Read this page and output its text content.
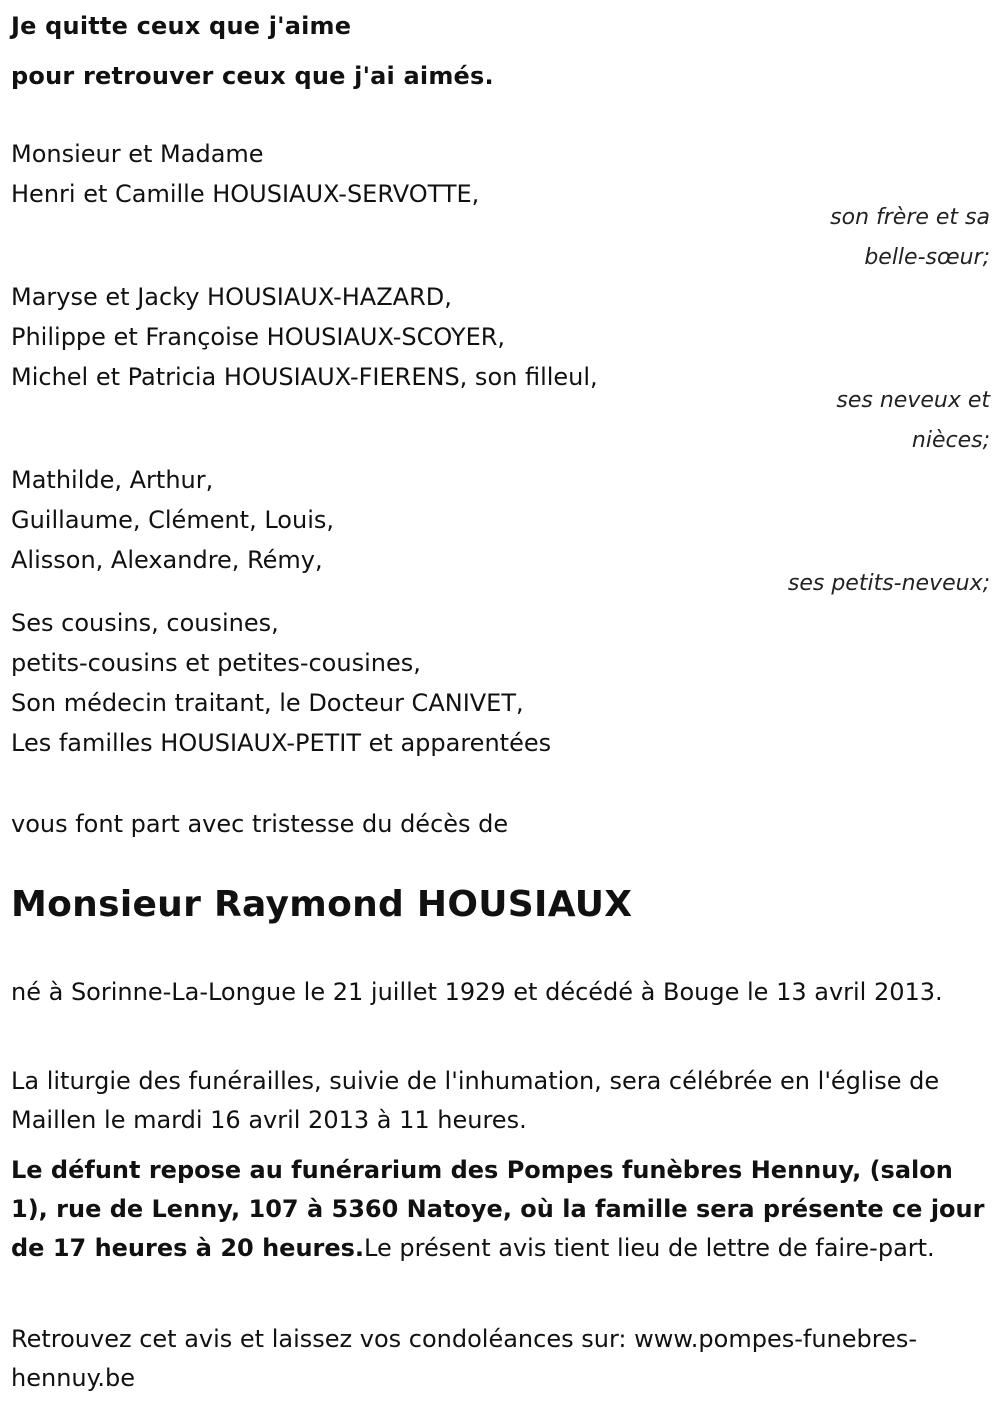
Je quitte ceux que j'aime

pour retrouver ceux que j'ai aimés.

Monsieur et Madame

Henri et Camille HOUSIAUX-SERVOTTE,

son frère et sa
belle-sœur;

Maryse et Jacky HOUSIAUX-HAZARD,

Philippe et Françoise HOUSIAUX-SCOYER,

Michel et Patricia HOUSIAUX-FIERENS, son filleul,

ses neveux et
nièces;

Mathilde, Arthur,

Guillaume, Clément, Louis,

Alisson, Alexandre, Rémy,

ses petits-neveux;

Ses cousins, cousines,

petits-cousins et petites-cousines,

Son médecin traitant, le Docteur CANIVET,

Les familles HOUSIAUX-PETIT et apparentées

vous font part avec tristesse du décès de

Monsieur Raymond HOUSIAUX

né à Sorinne-La-Longue le 21 juillet 1929 et décédé à Bouge le 13 avril 2013.

La liturgie des funérailles, suivie de l'inhumation, sera célébrée en l'église de Maillen le mardi 16 avril 2013 à 11 heures.

Le défunt repose au funérarium des Pompes funèbres Hennuy, (salon 1), rue de Lenny, 107 à 5360 Natoye, où la famille sera présente ce jour de 17 heures à 20 heures.Le présent avis tient lieu de lettre de faire-part.

Retrouvez cet avis et laissez vos condoléances sur: www.pompes-funebres-hennuy.be
